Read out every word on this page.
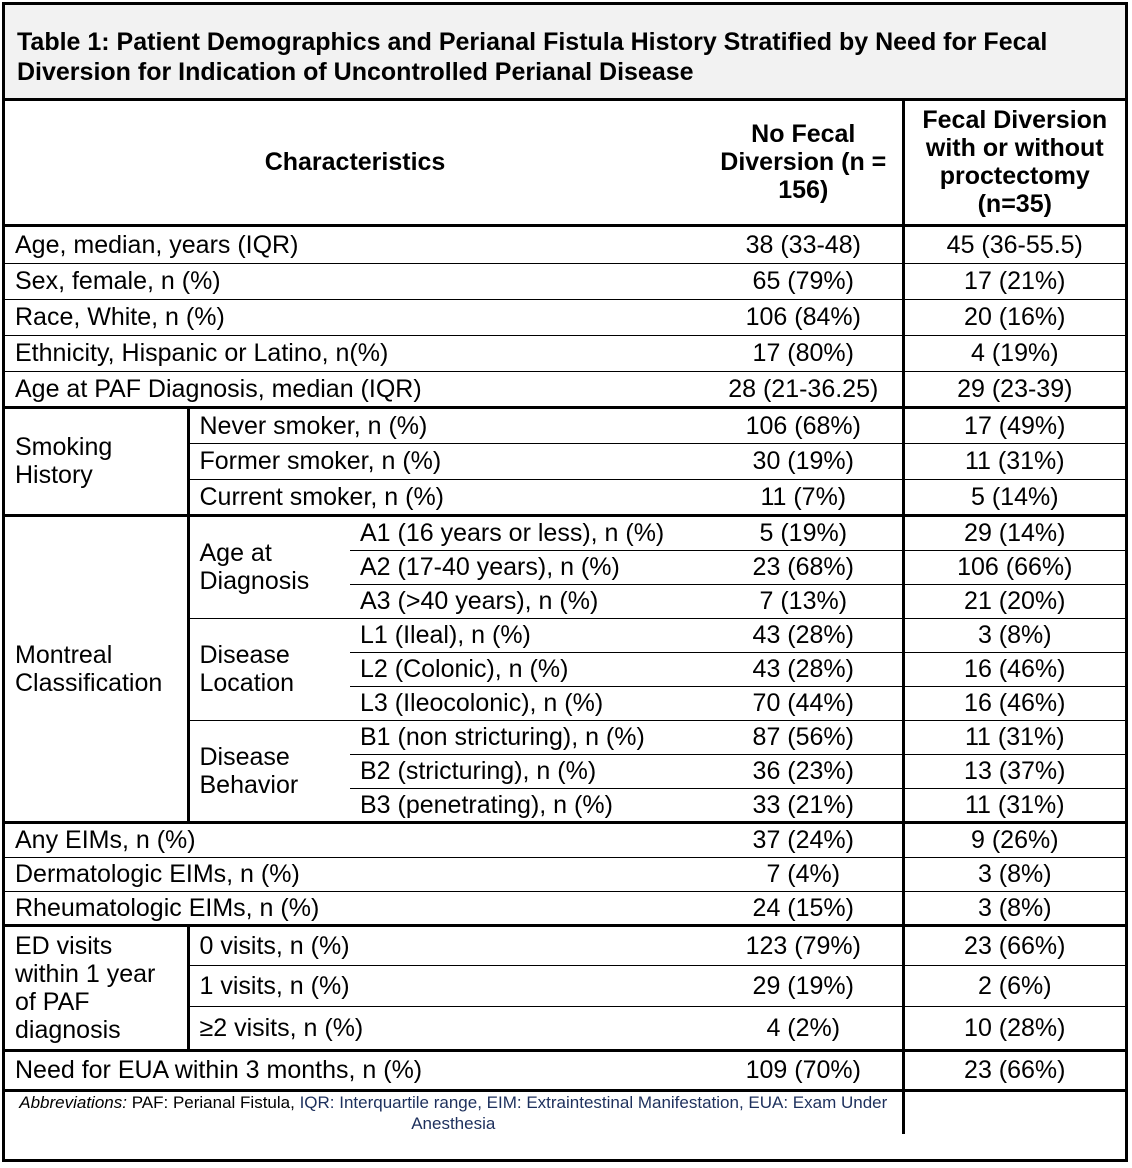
Table 1: Patient Demographics and Perianal Fistula History Stratified by Need for Fecal Diversion for Indication of Uncontrolled Perianal Disease
Characteristics			No Fecal Diversion (n = 156)	Fecal Diversion with or without proctectomy (n=35)
Age, median, years (IQR)			38 (33-48)	45 (36-55.5)
Sex, female, n (%)			65 (79%)	17 (21%)
Race, White, n (%)			106 (84%)	20 (16%)
Ethnicity, Hispanic or Latino, n(%)			17 (80%)	4 (19%)
Age at PAF Diagnosis, median (IQR)			28 (21-36.25)	29 (23-39)
Smoking History	Never smoker, n (%)		106 (68%)	17 (49%)
	Former smoker, n (%)		30 (19%)	11 (31%)
	Current smoker, n (%)		11 (7%)	5 (14%)
Montreal Classification	Age at Diagnosis	A1 (16 years or less), n (%)	5 (19%)	29 (14%)
		A2 (17-40 years), n (%)	23 (68%)	106 (66%)
		A3 (>40 years), n (%)	7 (13%)	21 (20%)
	Disease Location	L1 (Ileal), n (%)	43 (28%)	3 (8%)
		L2 (Colonic), n (%)	43 (28%)	16 (46%)
		L3 (Ileocolonic), n (%)	70 (44%)	16 (46%)
	Disease Behavior	B1 (non stricturing), n (%)	87 (56%)	11 (31%)
		B2 (stricturing), n (%)	36 (23%)	13 (37%)
		B3 (penetrating), n (%)	33 (21%)	11 (31%)
Any EIMs, n (%)			37 (24%)	9 (26%)
Dermatologic EIMs, n (%)			7 (4%)	3 (8%)
Rheumatologic EIMs, n (%)			24 (15%)	3 (8%)
ED visits within 1 year of PAF diagnosis	0 visits, n (%)		123 (79%)	23 (66%)
	1 visits, n (%)		29 (19%)	2 (6%)
	≥2 visits, n (%)		4 (2%)	10 (28%)
Need for EUA within 3 months, n (%)			109 (70%)	23 (66%)
Abbreviations: PAF: Perianal Fistula, IQR: Interquartile range, EIM: Extraintestinal Manifestation, EUA: Exam Under Anesthesia				
